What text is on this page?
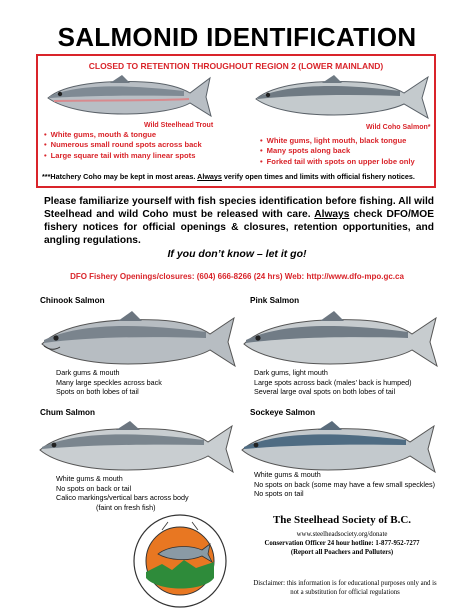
SALMONID IDENTIFICATION
CLOSED TO RETENTION THROUGHOUT REGION 2 (LOWER MAINLAND)
Wild Steelhead Trout	Wild Coho Salmon*
• White gums, mouth & tongue
• Numerous small round spots across back
• Large square tail with many linear spots
• White gums, light mouth, black tongue
• Many spots along back
• Forked tail with spots on upper lobe only
***Hatchery Coho may be kept in most areas. Always verify open times and limits with official fishery notices.
Please familiarize yourself with fish species identification before fishing. All wild Steelhead and wild Coho must be released with care. Always check DFO/MOE fishery notices for official openings & closures, retention opportunities, and angling regulations.
If you don’t know – let it go!
DFO Fishery Openings/closures: (604) 666-8266 (24 hrs) Web: http://www.dfo-mpo.gc.ca
Chinook Salmon
Dark gums & mouth
Many large speckles across back
Spots on both lobes of tail
Pink Salmon
Dark gums, light mouth
Large spots across back (males’ back is humped)
Several large oval spots on both lobes of tail
Chum Salmon
White gums & mouth
No spots on back or tail
Calico markings/vertical bars across body
(faint on fresh fish)
Sockeye Salmon
White gums & mouth
No spots on back (some may have a few small speckles)
No spots on tail
The Steelhead Society of B.C.
www.steelheadsociety.org/donate
Conservation Officer 24 hour hotline: 1-877-952-7277
(Report all Poachers and Polluters)
Disclaimer: this information is for educational purposes only and is not a substitution for official regulations
